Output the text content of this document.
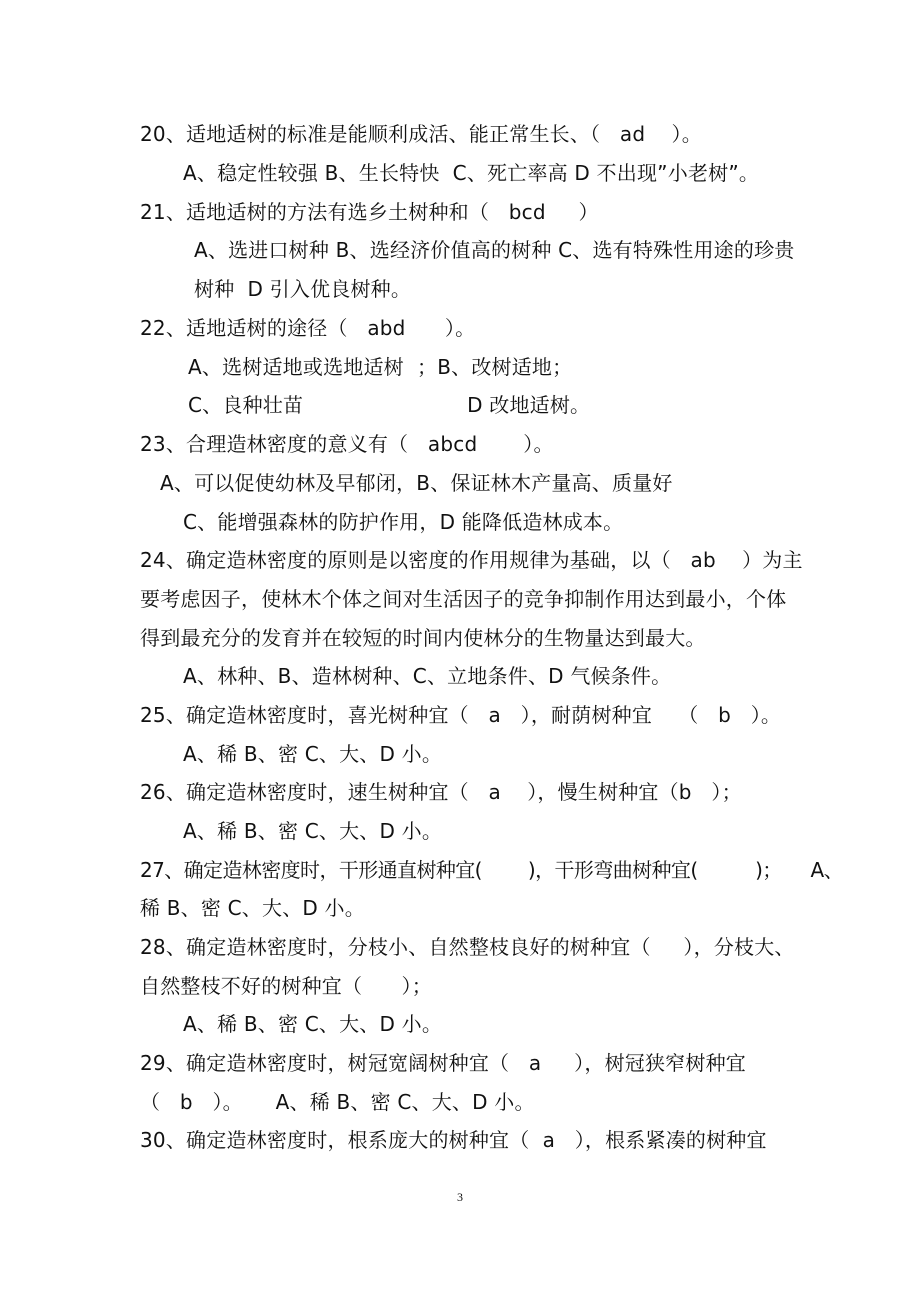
20、适地适树的标准是能顺利成活、能正常生长、（   ad    ）。
A、稳定性较强 B、生长特快  C、死亡率高 D 不出现”小老树”。
21、适地适树的方法有选乡土树种和（   bcd     ）
A、选进口树种 B、选经济价值高的树种 C、选有特殊性用途的珍贵
树种  D 引入优良树种。
22、适地适树的途径（   abd      ）。
A、选树适地或选地适树  ；B、改树适地；
C、良种壮苗                         D 改地适树。
23、合理造林密度的意义有（   abcd       ）。
A、可以促使幼林及早郁闭，B、保证林木产量高、质量好
C、能增强森林的防护作用，D 能降低造林成本。
24、确定造林密度的原则是以密度的作用规律为基础，以（   ab    ）为主
要考虑因子，使林木个体之间对生活因子的竞争抑制作用达到最小，个体
得到最充分的发育并在较短的时间内使林分的生物量达到最大。
A、林种、B、造林树种、C、立地条件、D 气候条件。
25、确定造林密度时，喜光树种宜（   a   ），耐荫树种宜    （   b   ）。
A、稀 B、密 C、大、D 小。
26、确定造林密度时，速生树种宜（   a    ），慢生树种宜（b   ）；
A、稀 B、密 C、大、D 小。
27、确定造林密度时，干形通直树种宜(        )，干形弯曲树种宜(          )；     A、
稀 B、密 C、大、D 小。
28、确定造林密度时，分枝小、自然整枝良好的树种宜（     ），分枝大、
自然整枝不好的树种宜（      ）；
A、稀 B、密 C、大、D 小。
29、确定造林密度时，树冠宽阔树种宜（   a     ），树冠狭窄树种宜
（   b   ）。     A、稀 B、密 C、大、D 小。
30、确定造林密度时，根系庞大的树种宜（  a   ），根系紧凑的树种宜
3
